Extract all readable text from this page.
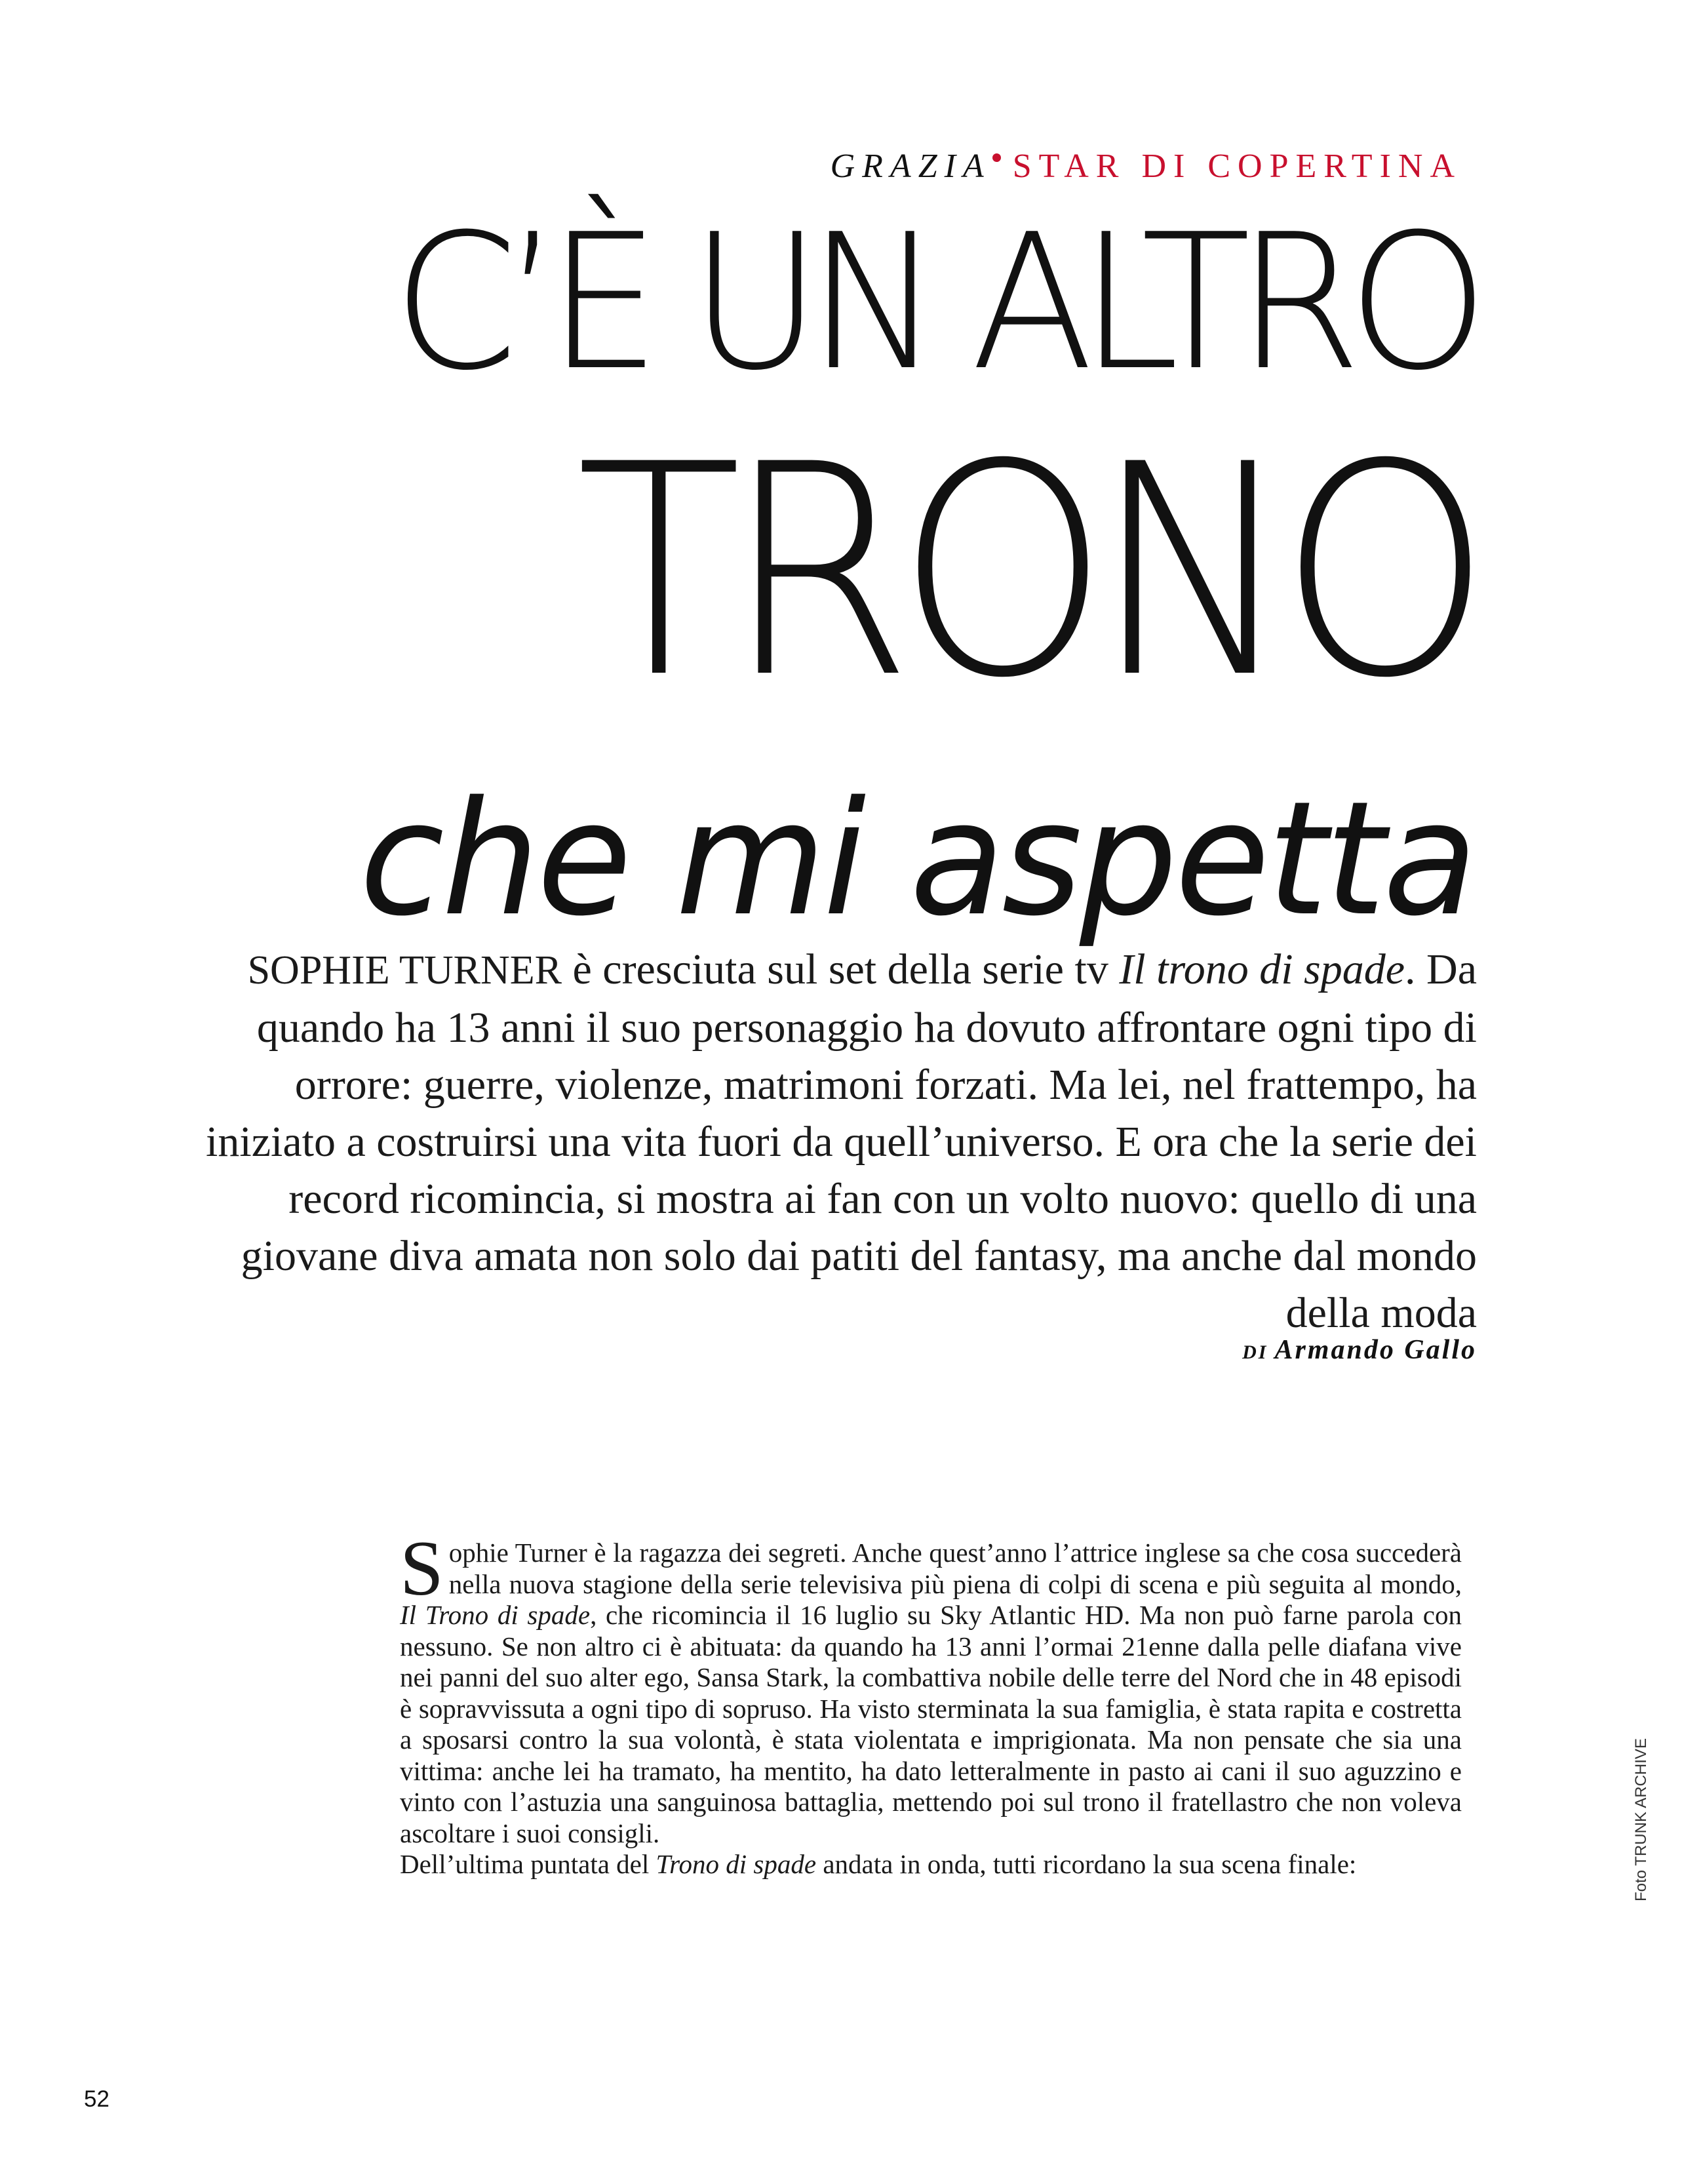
GRAZIA STAR DI COPERTINA
C’È UN ALTRO
TRONO
che mi aspetta
SOPHIE TURNER è cresciuta sul set della serie tv Il trono di spade. Da quando ha 13 anni il suo personaggio ha dovuto affrontare ogni tipo di orrore: guerre, violenze, matrimoni forzati. Ma lei, nel frattempo, ha iniziato a costruirsi una vita fuori da quell’universo. E ora che la serie dei record ricomincia, si mostra ai fan con un volto nuovo: quello di una giovane diva amata non solo dai patiti del fantasy, ma anche dal mondo della moda
DI Armando Gallo

Sophie Turner è la ragazza dei segreti. Anche quest’anno l’attrice inglese sa che cosa succederà nella nuova stagione della serie televisiva più piena di colpi di scena e più seguita al mondo, Il Trono di spade, che ricomincia il 16 luglio su Sky Atlantic HD. Ma non può farne parola con nessuno. Se non altro ci è abituata: da quando ha 13 anni l’ormai 21enne dalla pelle diafana vive nei panni del suo alter ego, Sansa Stark, la combattiva nobile delle terre del Nord che in 48 episodi è sopravvissuta a ogni tipo di sopruso. Ha visto sterminata la sua famiglia, è stata rapita e costretta a sposarsi contro la sua volontà, è stata violentata e imprigionata. Ma non pensate che sia una vittima: anche lei ha tramato, ha mentito, ha dato letteralmente in pasto ai cani il suo aguzzino e vinto con l’astuzia una sanguinosa battaglia, mettendo poi sul trono il fratellastro che non voleva ascoltare i suoi consigli.

Dell’ultima puntata del Trono di spade andata in onda, tutti ricordano la sua scena finale:	Foto TRUNK ARCHIVE
52
